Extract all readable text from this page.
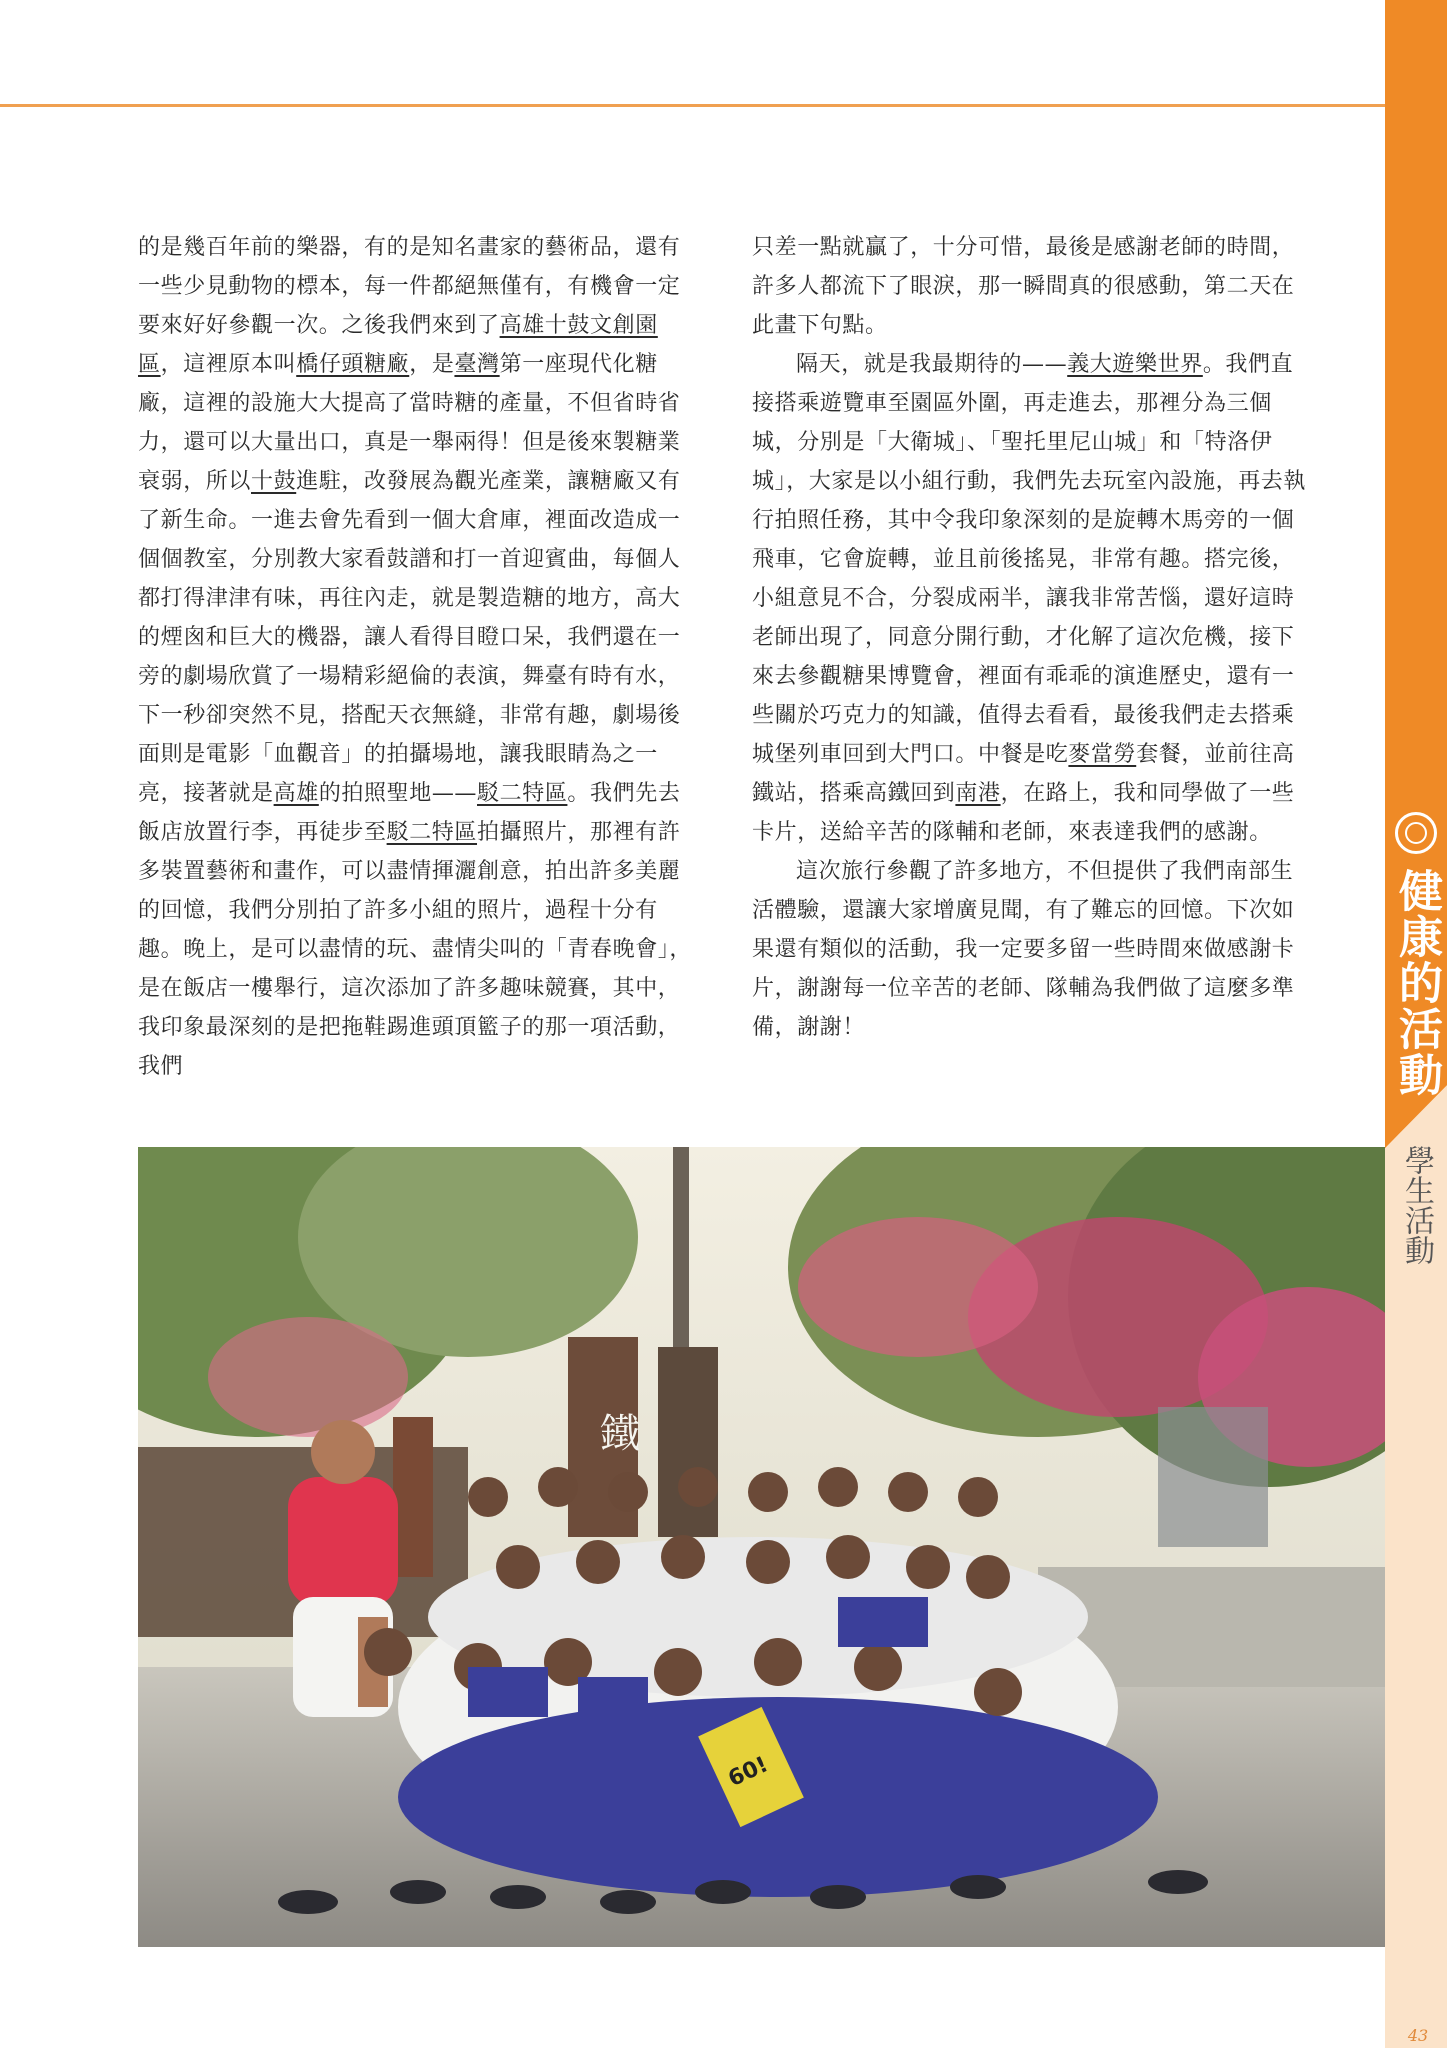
健康的活動
學生活動

的是幾百年前的樂器，有的是知名畫家的藝術品，還有一些少見動物的標本，每一件都絕無僅有，有機會一定要來好好參觀一次。之後我們來到了高雄十鼓文創園區，這裡原本叫橋仔頭糖廠，是臺灣第一座現代化糖廠，這裡的設施大大提高了當時糖的產量，不但省時省力，還可以大量出口，真是一舉兩得！但是後來製糖業衰弱，所以十鼓進駐，改發展為觀光產業，讓糖廠又有了新生命。一進去會先看到一個大倉庫，裡面改造成一個個教室，分別教大家看鼓譜和打一首迎賓曲，每個人都打得津津有味，再往內走，就是製造糖的地方，高大的煙囪和巨大的機器，讓人看得目瞪口呆，我們還在一旁的劇場欣賞了一場精彩絕倫的表演，舞臺有時有水，下一秒卻突然不見，搭配天衣無縫，非常有趣，劇場後面則是電影「血觀音」的拍攝場地，讓我眼睛為之一亮，接著就是高雄的拍照聖地——駁二特區。我們先去飯店放置行李，再徒步至駁二特區拍攝照片，那裡有許多裝置藝術和畫作，可以盡情揮灑創意，拍出許多美麗的回憶，我們分別拍了許多小組的照片，過程十分有趣。晚上，是可以盡情的玩、盡情尖叫的「青春晚會」，是在飯店一樓舉行，這次添加了許多趣味競賽，其中，我印象最深刻的是把拖鞋踢進頭頂籃子的那一項活動，我們

只差一點就贏了，十分可惜，最後是感謝老師的時間，許多人都流下了眼淚，那一瞬間真的很感動，第二天在此畫下句點。

隔天，就是我最期待的——義大遊樂世界。我們直接搭乘遊覽車至園區外圍，再走進去，那裡分為三個城，分別是「大衛城」、「聖托里尼山城」和「特洛伊城」，大家是以小組行動，我們先去玩室內設施，再去執行拍照任務，其中令我印象深刻的是旋轉木馬旁的一個飛車，它會旋轉，並且前後搖晃，非常有趣。搭完後，小組意見不合，分裂成兩半，讓我非常苦惱，還好這時老師出現了，同意分開行動，才化解了這次危機，接下來去參觀糖果博覽會，裡面有乖乖的演進歷史，還有一些關於巧克力的知識，值得去看看，最後我們走去搭乘城堡列車回到大門口。中餐是吃麥當勞套餐，並前往高鐵站，搭乘高鐵回到南港，在路上，我和同學做了一些卡片，送給辛苦的隊輔和老師，來表達我們的感謝。

這次旅行參觀了許多地方，不但提供了我們南部生活體驗，還讓大家增廣見聞，有了難忘的回憶。下次如果還有類似的活動，我一定要多留一些時間來做感謝卡片，謝謝每一位辛苦的老師、隊輔為我們做了這麼多準備，謝謝！

60!
鐵
43
